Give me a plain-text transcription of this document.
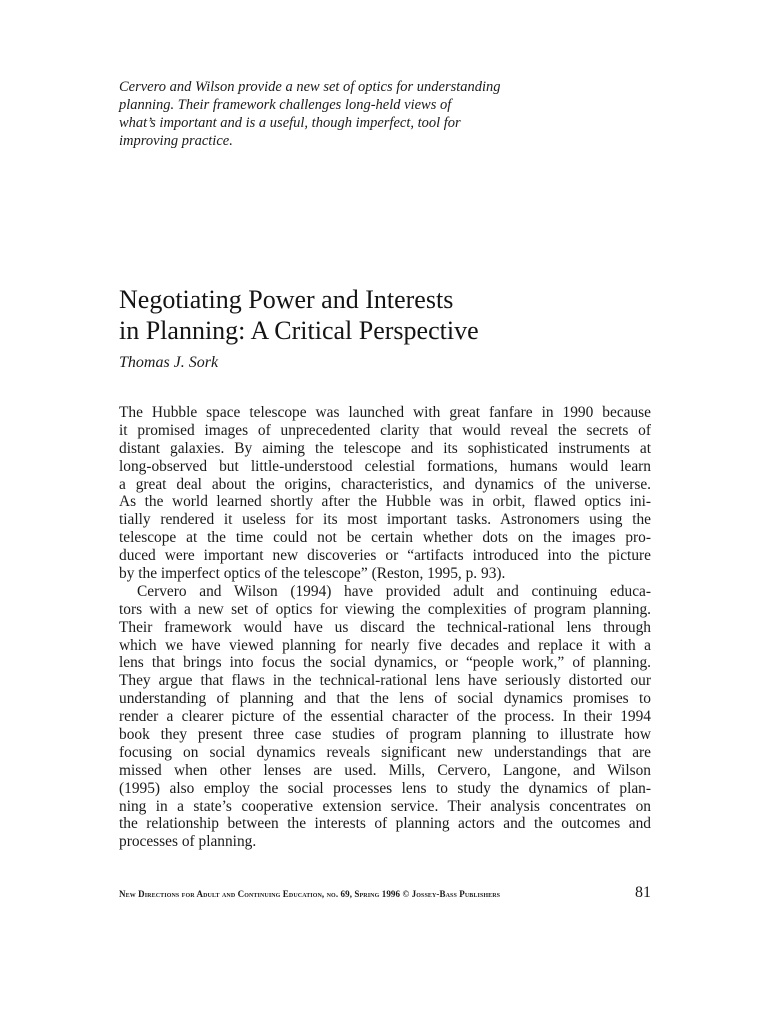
Cervero and Wilson provide a new set of optics for understanding
planning. Their framework challenges long-held views of
what’s important and is a useful, though imperfect, tool for
improving practice.
Negotiating Power and Interests
in Planning: A Critical Perspective
Thomas J. Sork
The Hubble space telescope was launched with great fanfare in 1990 because
it promised images of unprecedented clarity that would reveal the secrets of
distant galaxies. By aiming the telescope and its sophisticated instruments at
long-observed but little-understood celestial formations, humans would learn
a great deal about the origins, characteristics, and dynamics of the universe.
As the world learned shortly after the Hubble was in orbit, flawed optics ini-
tially rendered it useless for its most important tasks. Astronomers using the
telescope at the time could not be certain whether dots on the images pro-
duced were important new discoveries or “artifacts introduced into the picture
by the imperfect optics of the telescope” (Reston, 1995, p. 93).
Cervero and Wilson (1994) have provided adult and continuing educa-
tors with a new set of optics for viewing the complexities of program planning.
Their framework would have us discard the technical-rational lens through
which we have viewed planning for nearly five decades and replace it with a
lens that brings into focus the social dynamics, or “people work,” of planning.
They argue that flaws in the technical-rational lens have seriously distorted our
understanding of planning and that the lens of social dynamics promises to
render a clearer picture of the essential character of the process. In their 1994
book they present three case studies of program planning to illustrate how
focusing on social dynamics reveals significant new understandings that are
missed when other lenses are used. Mills, Cervero, Langone, and Wilson
(1995) also employ the social processes lens to study the dynamics of plan-
ning in a state’s cooperative extension service. Their analysis concentrates on
the relationship between the interests of planning actors and the outcomes and
processes of planning.
New Directions for Adult and Continuing Education, no. 69, Spring 1996 © Jossey-Bass Publishers	81
